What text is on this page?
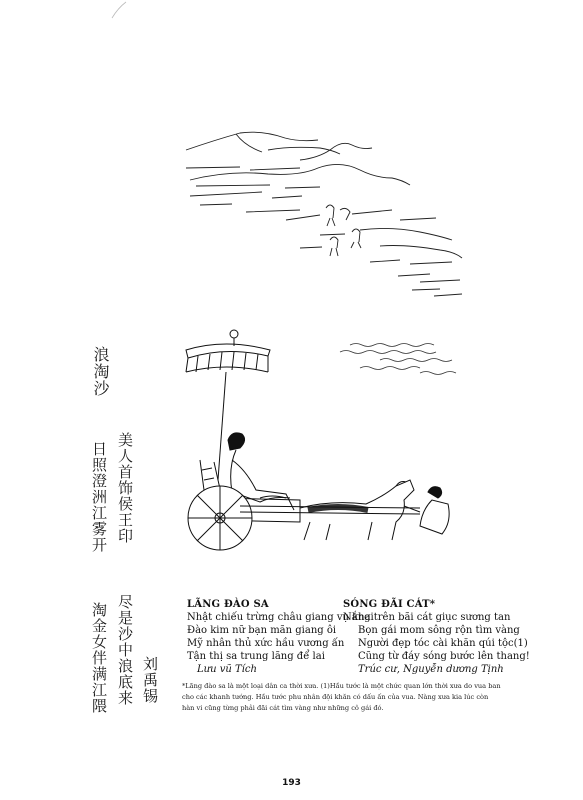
浪淘沙
美人首饰侯王印
日照澄洲江雾开
尽是沙中浪底来
淘金女伴满江隈 刘禹锡
LÃNG ĐÀO SA
Nhật chiếu trừng châu giang vụ khai
Đào kim nữ bạn mãn giang ôi
Mỹ nhân thủ xức hầu vương ấn
Tận thị sa trung lãng để lai
Lưu vũ Tích
SÓNG ĐÃI CÁT*
Nắng trên bãi cát giục sương tan
Bọn gái mom sông rộn tìm vàng
Người đẹp tóc cài khăn qúi tộc(1)
Cũng từ đáy sóng bước lên thang!
Trúc cư, Nguyễn dương Tịnh
*Lãng đào sa là một loại dân ca thời xưa. (1)Hầu tước là một chức quan lớn thời xưa do vua ban cho các khanh tướng. Hầu tước phu nhân đội khăn có dấu ấn của vua. Nàng xưa kia lúc còn hàn vi cũng từng phải đãi cát tìm vàng như những cô gái đó.
193
